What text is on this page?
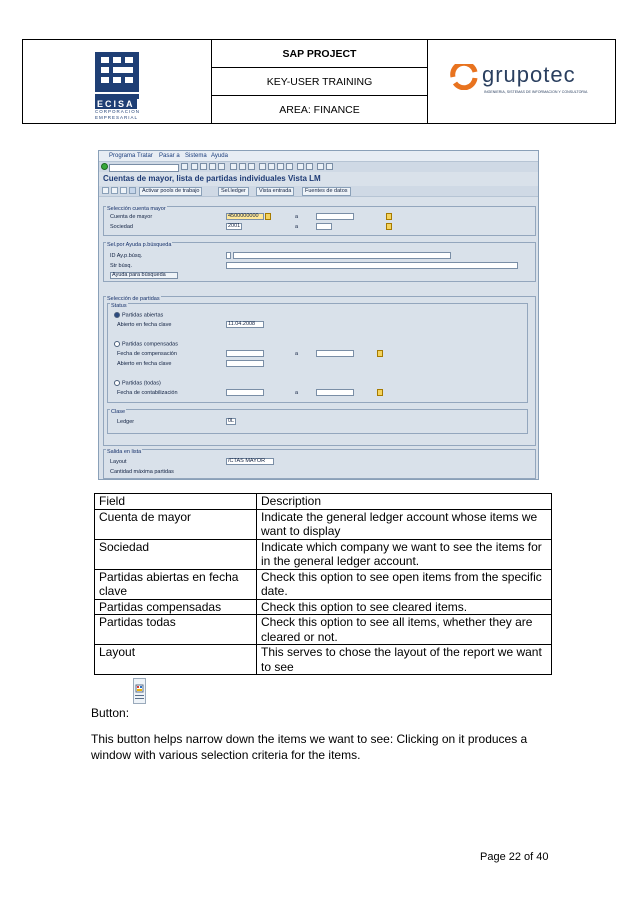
ECISA
CORPORACION
EMPRESARIAL
SAP PROJECT
KEY-USER TRAINING
AREA: FINANCE
grupotec
INGENIERIA, SISTEMAS DE INFORMACION Y CONSULTORIA
Programa Tratar Pasar a Sistema Ayuda
Cuentas de mayor, lista de partidas individuales Vista LM
Activar pools de trabajo	Sel.ledger	Vista entrada	Fuentes de datos
Selección cuenta mayor
Cuenta de mayor	4500000000	a
Sociedad	2001	a
Sel.por Ayuda p.búsqueda
ID Ay.p.búsq.
Str búsq.
Ayuda para búsqueda
Selección de partidas
Status
Partidas abiertas
Abierto en fecha clave	11.04.2008
Partidas compensadas
Fecha de compensación	a
Abierto en fecha clave
Partidas (todas)
Fecha de contabilización	a
Clase
Ledger	0L
Salida en lista
Layout	/CTAS MAYOR
Cantidad máxima partidas
Field	Description
Cuenta de mayor	Indicate the general ledger account whose items we want to display
Sociedad	Indicate which company we want to see the items for in the general ledger account.
Partidas abiertas en fecha clave	Check this option to see open items from the specific date.
Partidas compensadas	Check this option to see cleared items.
Partidas todas	Check this option to see all items, whether they are cleared or not.
Layout	This serves to chose the layout of the report we want to see
Button:
This button helps narrow down the items we want to see: Clicking on it produces a window with various selection criteria for the items.
Page 22 of 40
